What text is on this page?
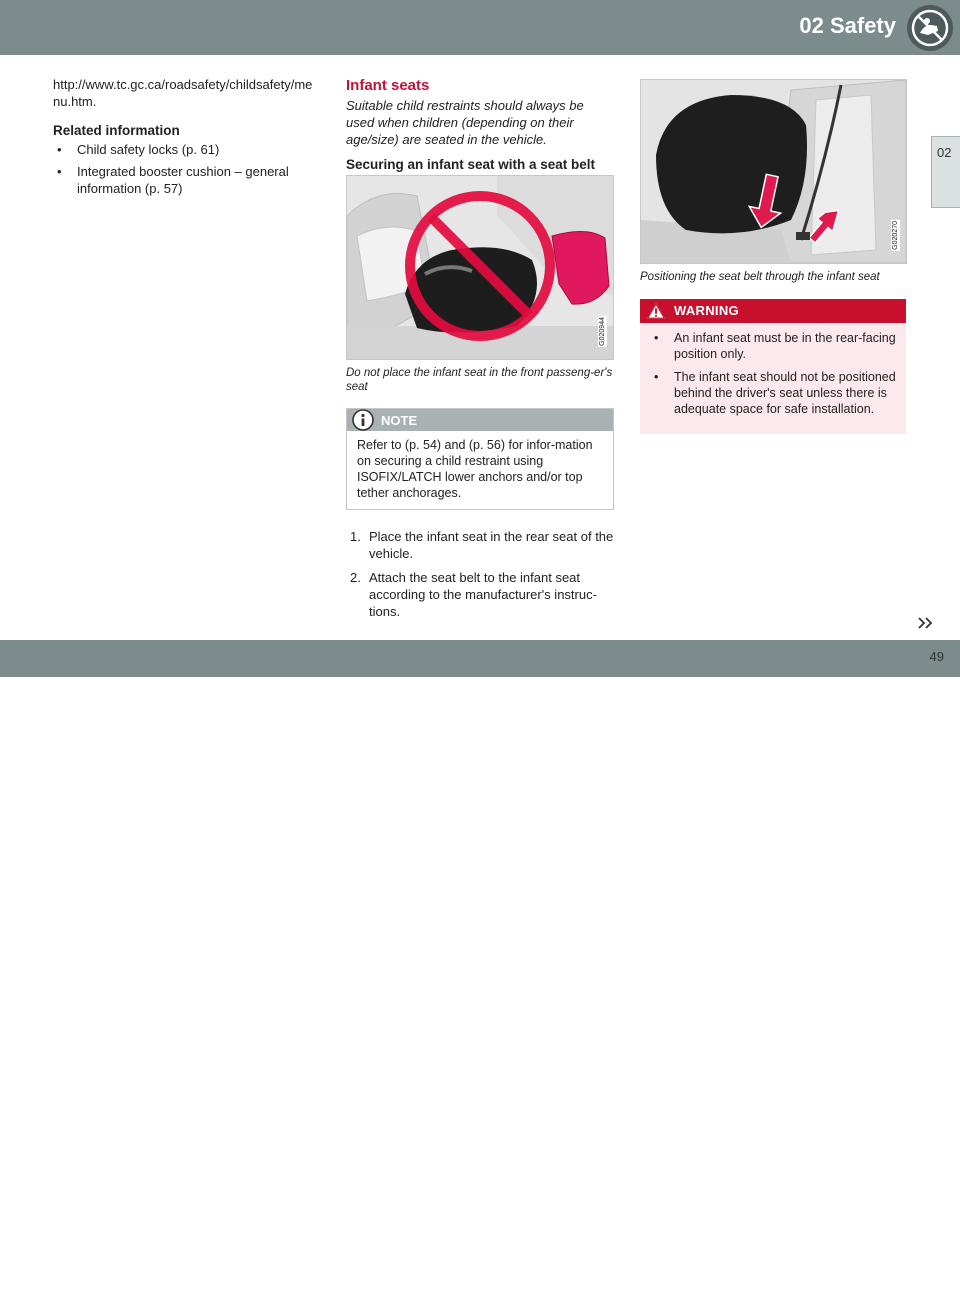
02 Safety
02

http://www.tc.gc.ca/roadsafety/childsafety/menu.htm.

Related information
• Child safety locks (p. 61)
• Integrated booster cushion – general information (p. 57)
Infant seats

Suitable child restraints should always be used when children (depending on their age/size) are seated in the vehicle.

Securing an infant seat with a seat belt
G020944

Do not place the infant seat in the front passeng-er's seat

NOTE
Refer to (p. 54) and (p. 56) for infor-mation on securing a child restraint using ISOFIX/LATCH lower anchors and/or top tether anchorages.
1. Place the infant seat in the rear seat of the vehicle.
2. Attach the seat belt to the infant seat according to the manufacturer's instruc-tions.
G020270

Positioning the seat belt through the infant seat

WARNING
• An infant seat must be in the rear-facing position only.
• The infant seat should not be positioned behind the driver's seat unless there is adequate space for safe installation.
carmanualsonline.info
49
